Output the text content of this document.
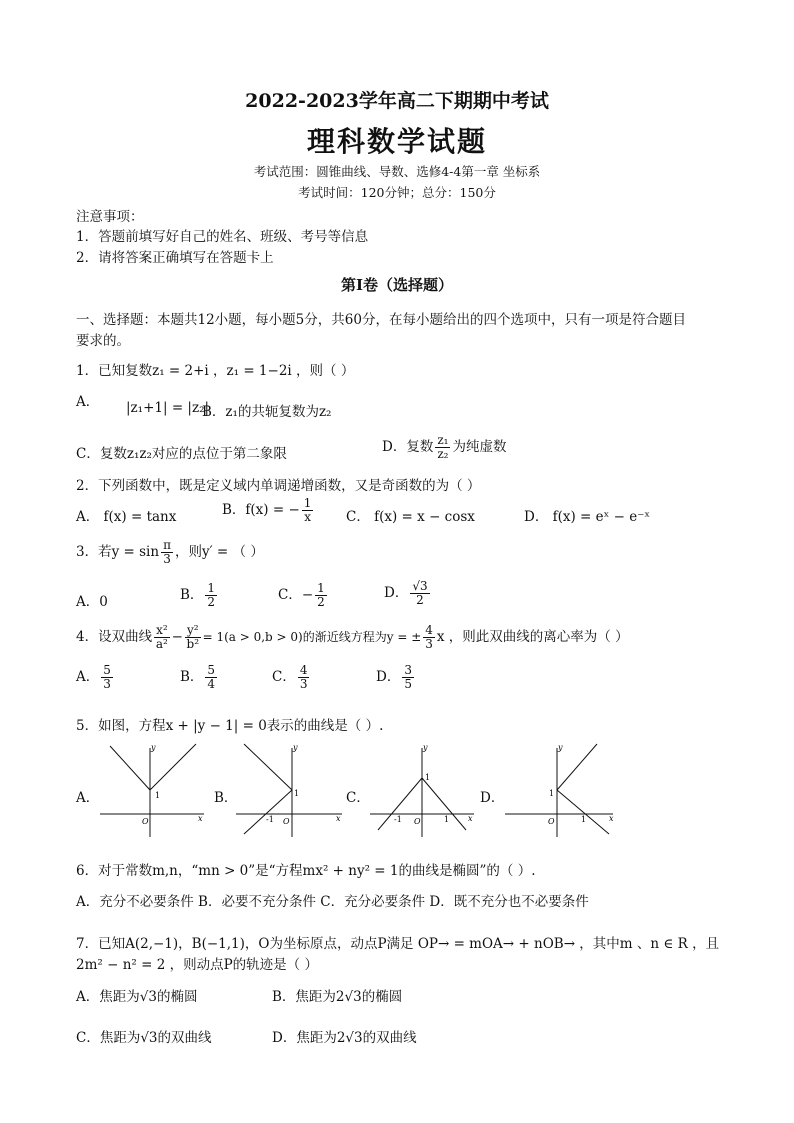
2022-2023学年高二下期期中考试
理科数学试题
考试范围：圆锥曲线、导数、选修4-4第一章 坐标系
考试时间：120分钟；总分：150分
注意事项：
1．答题前填写好自己的姓名、班级、考号等信息
2．请将答案正确填写在答题卡上
第Ⅰ卷（选择题）
一、选择题：本题共12小题，每小题5分，共60分，在每小题给出的四个选项中，只有一项是符合题目
要求的。
1．已知复数z₁ = 2+i ，z₁ = 1−2i ，则（ ）
A． |z₁+1| = |z₂|
B．z₁的共轭复数为z₂
C．复数z₁z₂对应的点位于第二象限	D．复数 $\frac{\text{z₁}}{\text{z₂}}$ 为纯虚数
2．下列函数中，既是定义域内单调递增函数，又是奇函数的为（ ）
A． f(x) = tanx	B．f(x) = − $\frac{1}{x}$ C． f(x) = x − cosx	D． f(x) = eˣ − e⁻ˣ
3．若$y = \sin \frac{\pi}{3}$ ，则y′ = （ ）
A．0	B． $\frac{1}{2}$	C．− $\frac{1}{2}$	D． $\frac{√3}{2}$
4．设双曲线 $\frac{\text{x²}}{\text{a²}} - \frac{\text{y²}}{\text{b²}} = 1(a > 0,b > 0)$的渐近线方程为y = ± $\frac{4}{3}$ x ，则此双曲线的离心率为（ ）
A． $\frac{5}{3}$	B． $\frac{5}{4}$	C． $\frac{4}{3}$	D． $\frac{3}{5}$
5．如图，方程x + |y − 1| = 0表示的曲线是（ ）.
A．
y
x
O
1	B．
y
x
O
1
-1
C．
y
x
O
1
-1	1
D．
y
x
O
1
1
6．对于常数m,n，“mn > 0”是“方程mx² + ny² = 1的曲线是椭圆”的（ ）.
A．充分不必要条件 B．必要不充分条件 C．充分必要条件 D．既不充分也不必要条件
7．已知A(2,−1)，B(−1,1)，O为坐标原点，动点P满足 OP→ = mOA→ + nOB→ ，其中m 、n ∈ R ，且
2m² − n² = 2 ，则动点P的轨迹是（ ）
A．焦距为√3的椭圆	B．焦距为2√3的椭圆
C．焦距为√3的双曲线	D．焦距为2√3的双曲线
